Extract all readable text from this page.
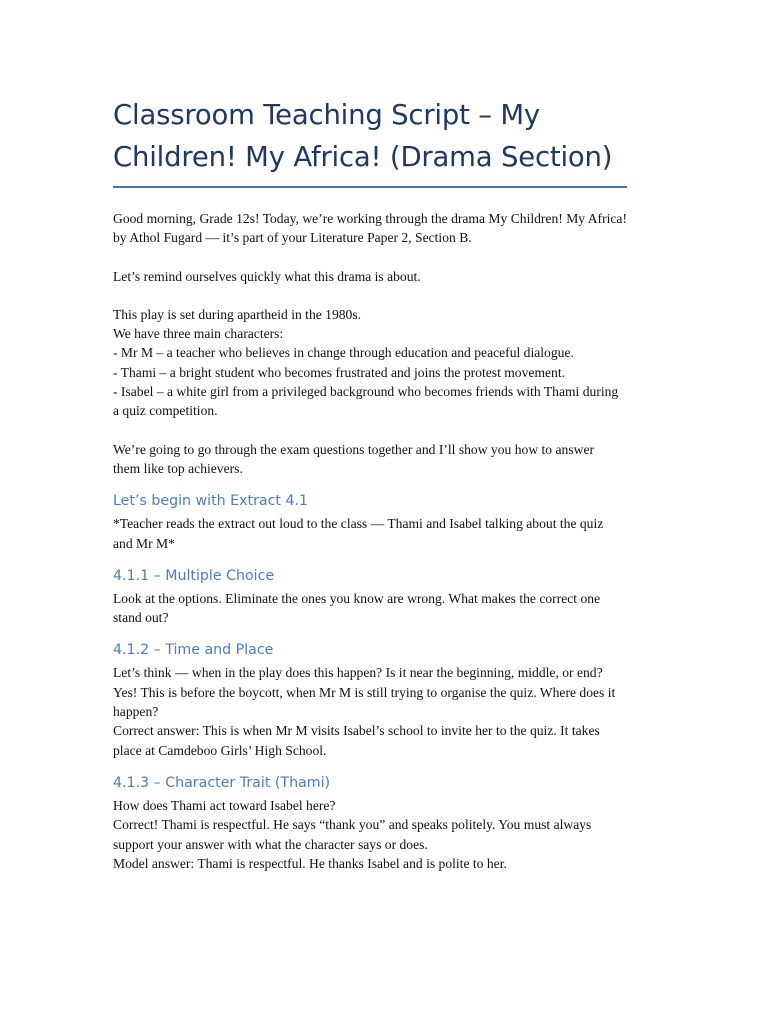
Classroom Teaching Script – My
Children! My Africa! (Drama Section)

Good morning, Grade 12s! Today, we’re working through the drama My Children! My Africa!
by Athol Fugard — it’s part of your Literature Paper 2, Section B.

Let’s remind ourselves quickly what this drama is about.

This play is set during apartheid in the 1980s.
We have three main characters:
- Mr M – a teacher who believes in change through education and peaceful dialogue.
- Thami – a bright student who becomes frustrated and joins the protest movement.
- Isabel – a white girl from a privileged background who becomes friends with Thami during
a quiz competition.

We’re going to go through the exam questions together and I’ll show you how to answer
them like top achievers.

Let’s begin with Extract 4.1

*Teacher reads the extract out loud to the class — Thami and Isabel talking about the quiz
and Mr M*

4.1.1 – Multiple Choice

Look at the options. Eliminate the ones you know are wrong. What makes the correct one
stand out?

4.1.2 – Time and Place

Let’s think — when in the play does this happen? Is it near the beginning, middle, or end?
Yes! This is before the boycott, when Mr M is still trying to organise the quiz. Where does it
happen?
Correct answer: This is when Mr M visits Isabel’s school to invite her to the quiz. It takes
place at Camdeboo Girls’ High School.

4.1.3 – Character Trait (Thami)

How does Thami act toward Isabel here?
Correct! Thami is respectful. He says “thank you” and speaks politely. You must always
support your answer with what the character says or does.
Model answer: Thami is respectful. He thanks Isabel and is polite to her.
